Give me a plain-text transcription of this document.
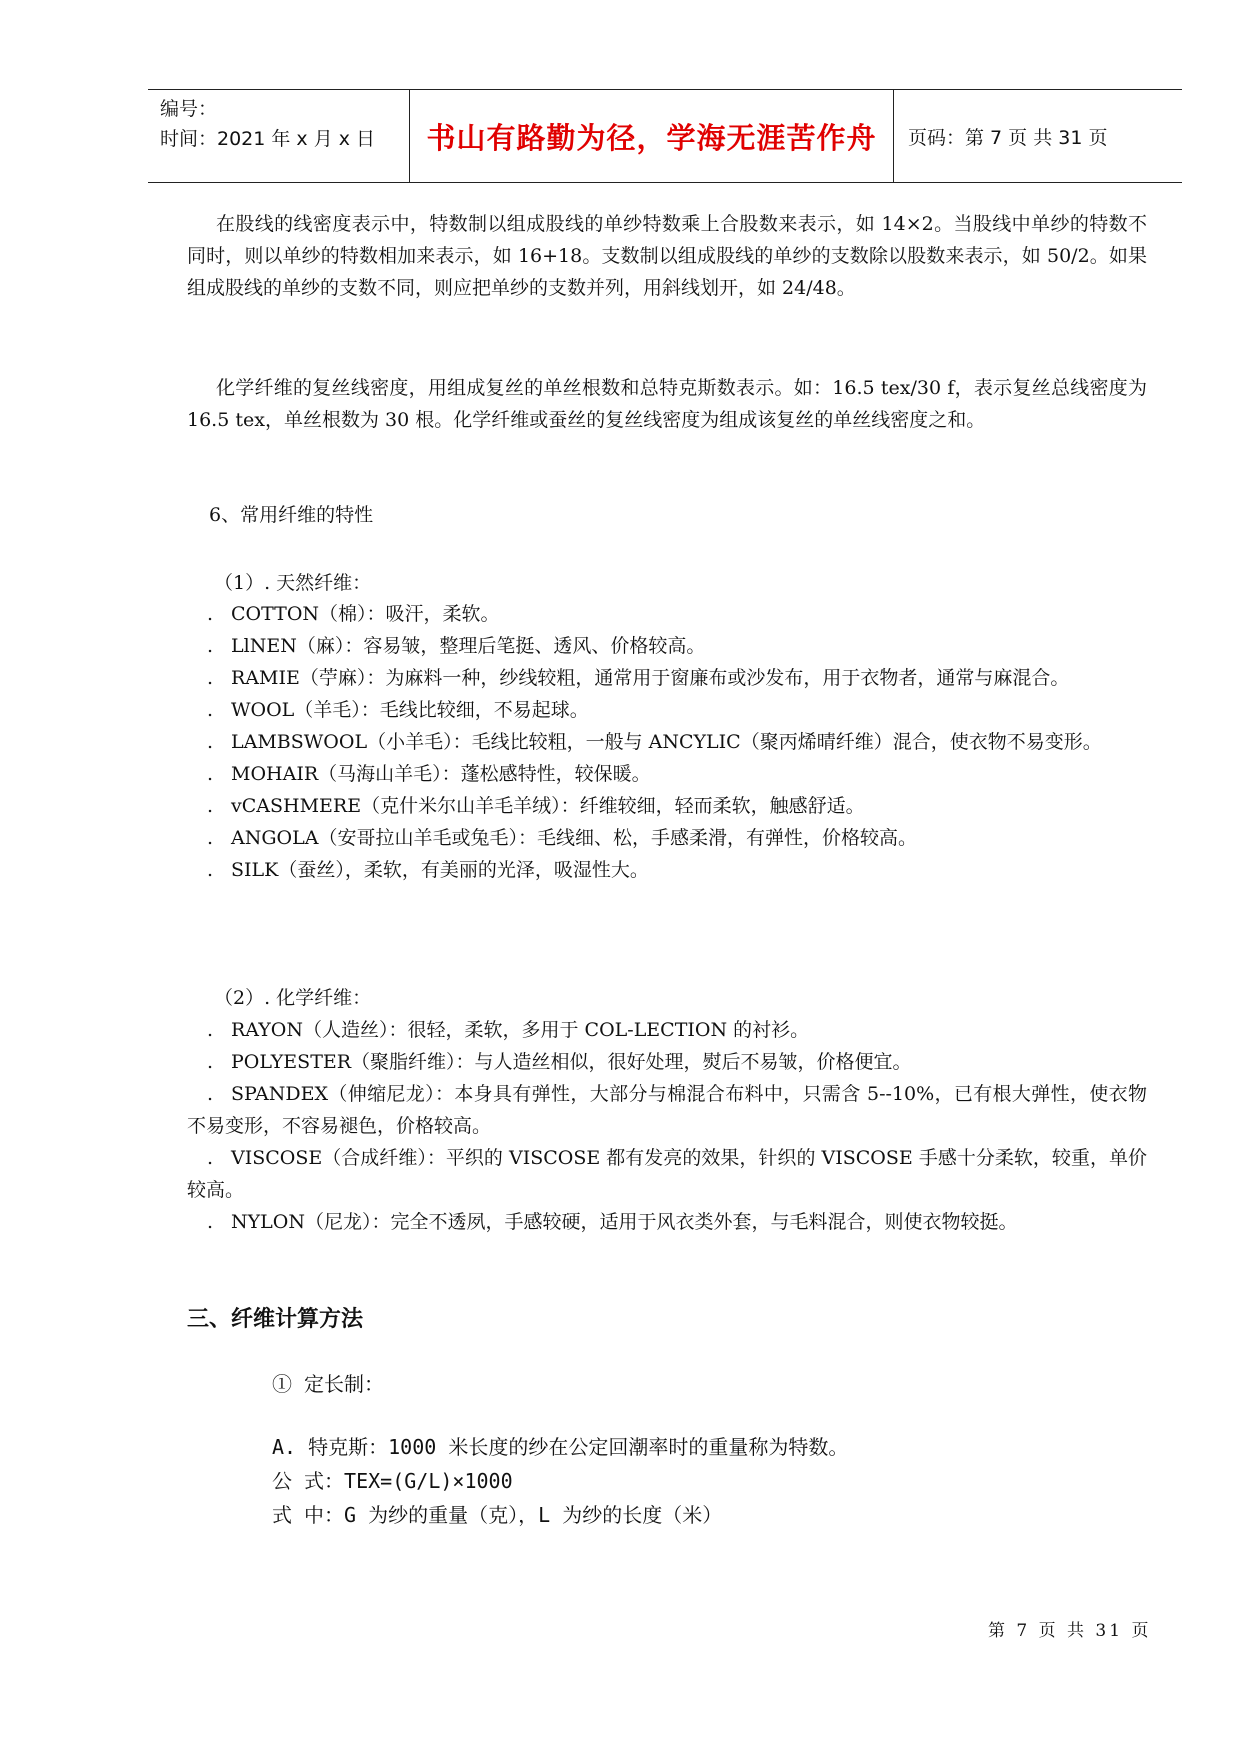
编号：
时间：2021 年 x 月 x 日	书山有路勤为径，学海无涯苦作舟	页码：第 7 页 共 31 页

在股线的线密度表示中，特数制以组成股线的单纱特数乘上合股数来表示，如 14×2。当股线中单纱的特数不同时，则以单纱的特数相加来表示，如 16+18。支数制以组成股线的单纱的支数除以股数来表示，如 50/2。如果组成股线的单纱的支数不同，则应把单纱的支数并列，用斜线划开，如 24/48。

化学纤维的复丝线密度，用组成复丝的单丝根数和总特克斯数表示。如：16.5 tex/30 f，表示复丝总线密度为 16.5 tex，单丝根数为 30 根。化学纤维或蚕丝的复丝线密度为组成该复丝的单丝线密度之和。

6、常用纤维的特性
（1）. 天然纤维：

. COTTON（棉）：吸汗，柔软。

. LlNEN（麻）：容易皱，整理后笔挺、透风、价格较高。

. RAMIE（苧麻）：为麻料一种，纱线较粗，通常用于窗廉布或沙发布，用于衣物者，通常与麻混合。

. WOOL（羊毛）：毛线比较细，不易起球。

. LAMBSWOOL（小羊毛）：毛线比较粗，一般与 ANCYLIC（聚丙烯晴纤维）混合，使衣物不易变形。

. MOHAIR（马海山羊毛）：蓬松感特性，较保暖。

. vCASHMERE（克什米尔山羊毛羊绒）：纤维较细，轻而柔软，触感舒适。

. ANGOLA（安哥拉山羊毛或兔毛）：毛线细、松，手感柔滑，有弹性，价格较高。

. SILK（蚕丝），柔软，有美丽的光泽，吸湿性大。

（2）. 化学纤维：

. RAYON（人造丝）：很轻，柔软，多用于 COL-LECTION 的衬衫。

. POLYESTER（聚脂纤维）：与人造丝相似，很好处理，熨后不易皱，价格便宜。

. SPANDEX（伸缩尼龙）：本身具有弹性，大部分与棉混合布料中，只需含 5--10%，已有根大弹性，使衣物不易变形，不容易褪色，价格较高。

. VISCOSE（合成纤维）：平织的 VISCOSE 都有发亮的效果，针织的 VISCOSE 手感十分柔软，较重，单价较高。

. NYLON（尼龙）：完全不透夙，手感较硬，适用于风衣类外套，与毛料混合，则使衣物较挺。

三、纤维计算方法
① 定长制：
A. 特克斯：1000 米长度的纱在公定回潮率时的重量称为特数。
公 式：TEX=(G/L)×1000
式 中：G 为纱的重量（克），L 为纱的长度（米）
第 7 页 共 31 页
